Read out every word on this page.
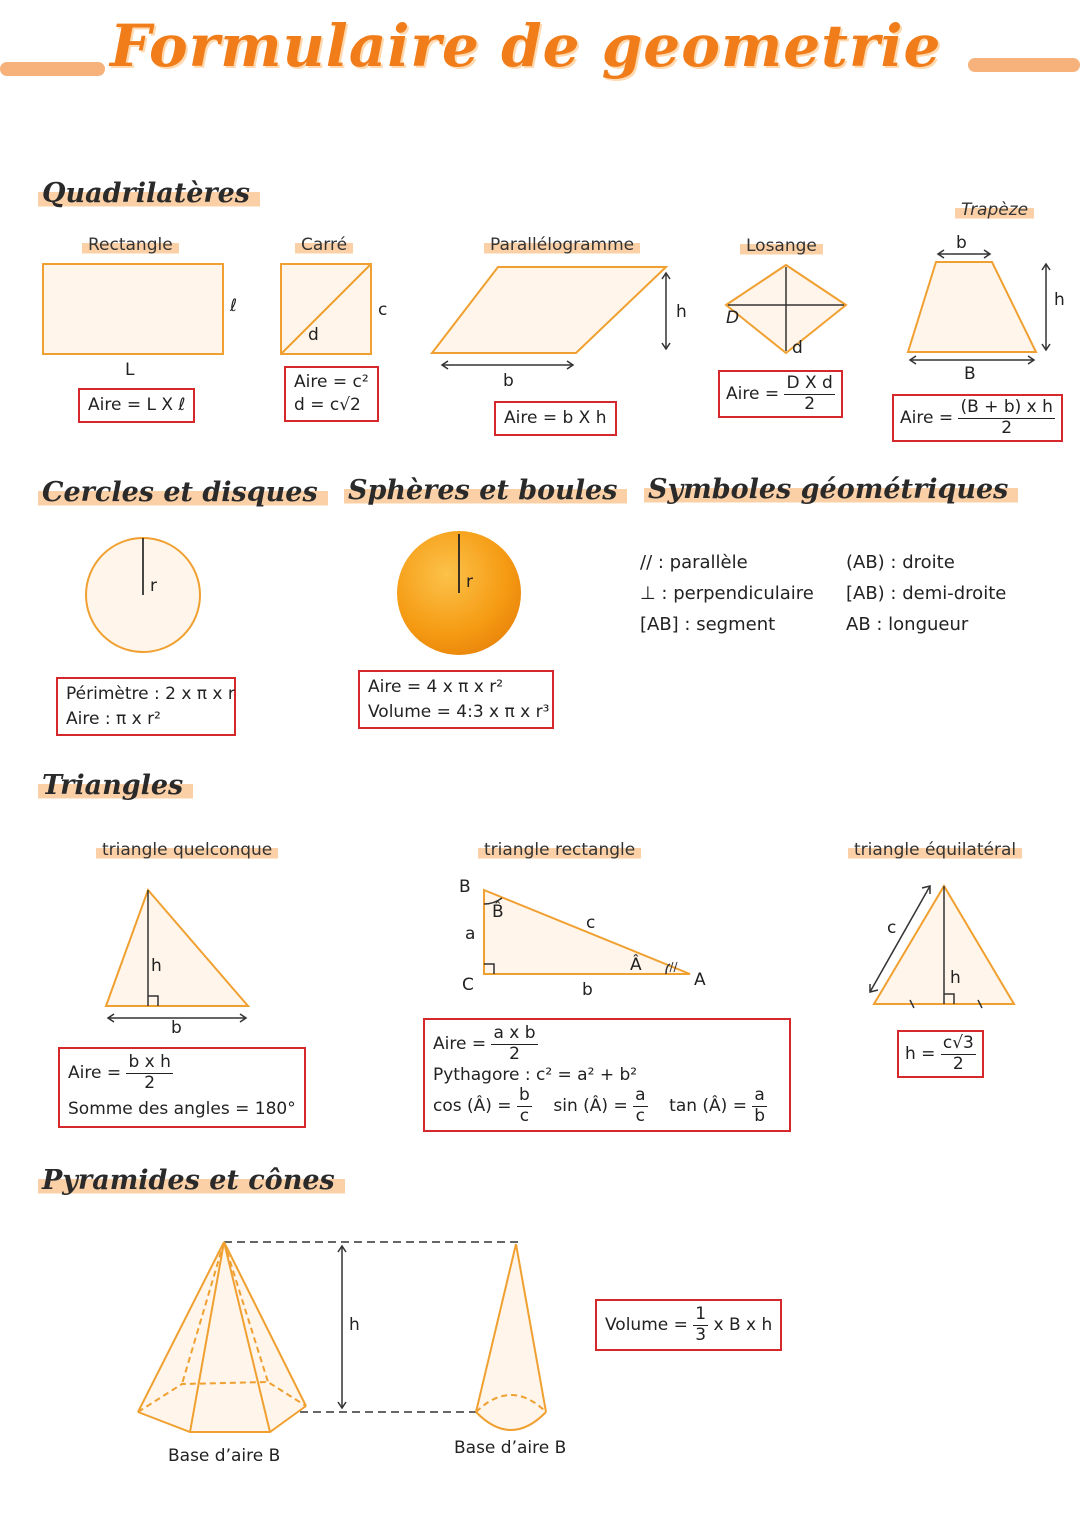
Formulaire de geometrie
Quadrilatères
Rectangle
ℓ
L
Aire = L X ℓ
Carré
c
d
Aire = c²
d = c√2
Parallélogramme
b
h
Aire = b X h
Losange
D
d
Aire = $\frac{\text{D X d}}{2}$
Trapèze
b
h
B
Aire = $\frac{\text{(B + b) x h}}{2}$
Cercles et disques
r
Périmètre : 2 x π x r
Aire : π x r²
Sphères et boules
r
Aire = 4 x π x r²
Volume = 4:3 x π x r³
Symboles géométriques
// : parallèle
⊥ : perpendiculaire
[AB] : segment
(AB) : droite
[AB) : demi-droite
AB : longueur
Triangles
triangle quelconque
h
b
Aire = $\frac{\text{b x h}}{2}$
Somme des angles = 180°
triangle rectangle
B
B̂
a
c
C	b
Â
A
Aire = $\frac{\text{a x b}}{2}$
Pythagore : c² = a² + b²
cos (Â) = $\frac{b}{c}$ sin (Â) = $\frac{a}{c}$ tan (Â) = $\frac{a}{b}$
triangle équilatéral
c
h
$h = \frac{c√3}{2}$
Pyramides et cônes
h
Base d’aire B	Base d’aire B
Volume = $\frac{1}{3}$ x B x h
